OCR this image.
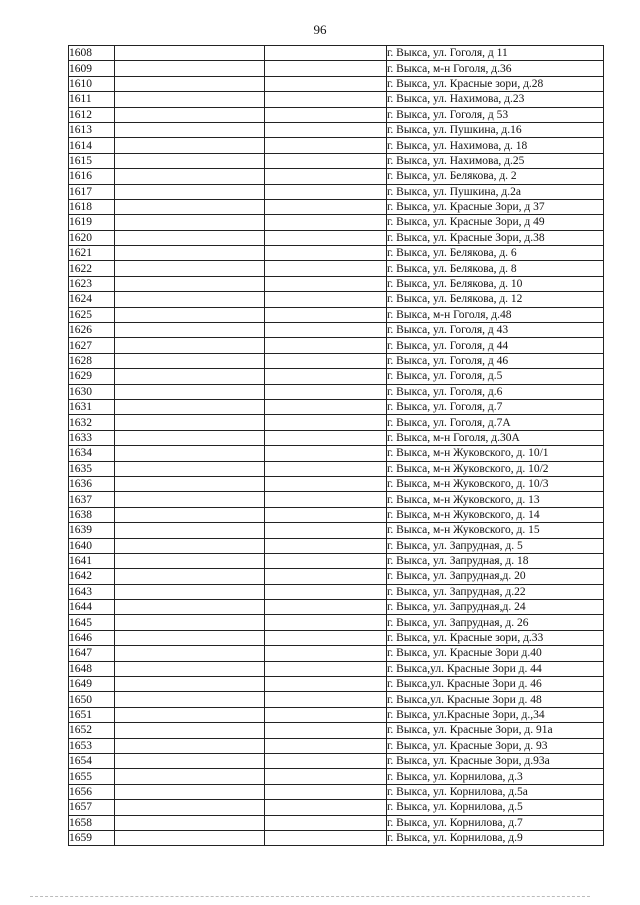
96
1608			г. Выкса, ул. Гоголя, д 11
1609			г. Выкса, м-н Гоголя, д.36
1610			г. Выкса, ул. Красные зори, д.28
1611			г. Выкса, ул. Нахимова, д.23
1612			г. Выкса, ул. Гоголя, д 53
1613			г. Выкса, ул. Пушкина, д.16
1614			г. Выкса, ул. Нахимова, д. 18
1615			г. Выкса, ул. Нахимова, д.25
1616			г. Выкса, ул. Белякова, д. 2
1617			г. Выкса, ул. Пушкина, д.2а
1618			г. Выкса, ул. Красные Зори, д 37
1619			г. Выкса, ул. Красные Зори, д 49
1620			г. Выкса, ул. Красные Зори, д.38
1621			г. Выкса, ул. Белякова, д. 6
1622			г. Выкса, ул. Белякова, д. 8
1623			г. Выкса, ул. Белякова, д. 10
1624			г. Выкса, ул. Белякова, д. 12
1625			г. Выкса, м-н Гоголя, д.48
1626			г. Выкса, ул. Гоголя, д 43
1627			г. Выкса, ул. Гоголя, д 44
1628			г. Выкса, ул. Гоголя, д 46
1629			г. Выкса, ул. Гоголя, д.5
1630			г. Выкса, ул. Гоголя, д.6
1631			г. Выкса, ул. Гоголя, д.7
1632			г. Выкса, ул. Гоголя, д.7А
1633			г. Выкса, м-н Гоголя, д.30А
1634			г. Выкса, м-н Жуковского, д. 10/1
1635			г. Выкса, м-н Жуковского, д. 10/2
1636			г. Выкса, м-н Жуковского, д. 10/3
1637			г. Выкса, м-н Жуковского, д. 13
1638			г. Выкса, м-н Жуковского, д. 14
1639			г. Выкса, м-н Жуковского, д. 15
1640			г. Выкса, ул. Запрудная, д. 5
1641			г. Выкса, ул. Запрудная, д. 18
1642			г. Выкса, ул. Запрудная,д. 20
1643			г. Выкса, ул. Запрудная, д.22
1644			г. Выкса, ул. Запрудная,д. 24
1645			г. Выкса, ул. Запрудная, д. 26
1646			г. Выкса, ул. Красные зори, д.33
1647			г. Выкса, ул. Красные Зори д.40
1648			г. Выкса,ул. Красные Зори д. 44
1649			г. Выкса,ул. Красные Зори д. 46
1650			г. Выкса,ул. Красные Зори д. 48
1651			г. Выкса, ул.Красные Зори, д.,34
1652			г. Выкса, ул. Красные Зори, д. 91а
1653			г. Выкса, ул. Красные Зори, д. 93
1654			г. Выкса, ул. Красные Зори, д.93а
1655			г. Выкса, ул. Корнилова, д.3
1656			г. Выкса, ул. Корнилова, д.5а
1657			г. Выкса, ул. Корнилова, д.5
1658			г. Выкса, ул. Корнилова, д.7
1659			г. Выкса, ул. Корнилова, д.9
